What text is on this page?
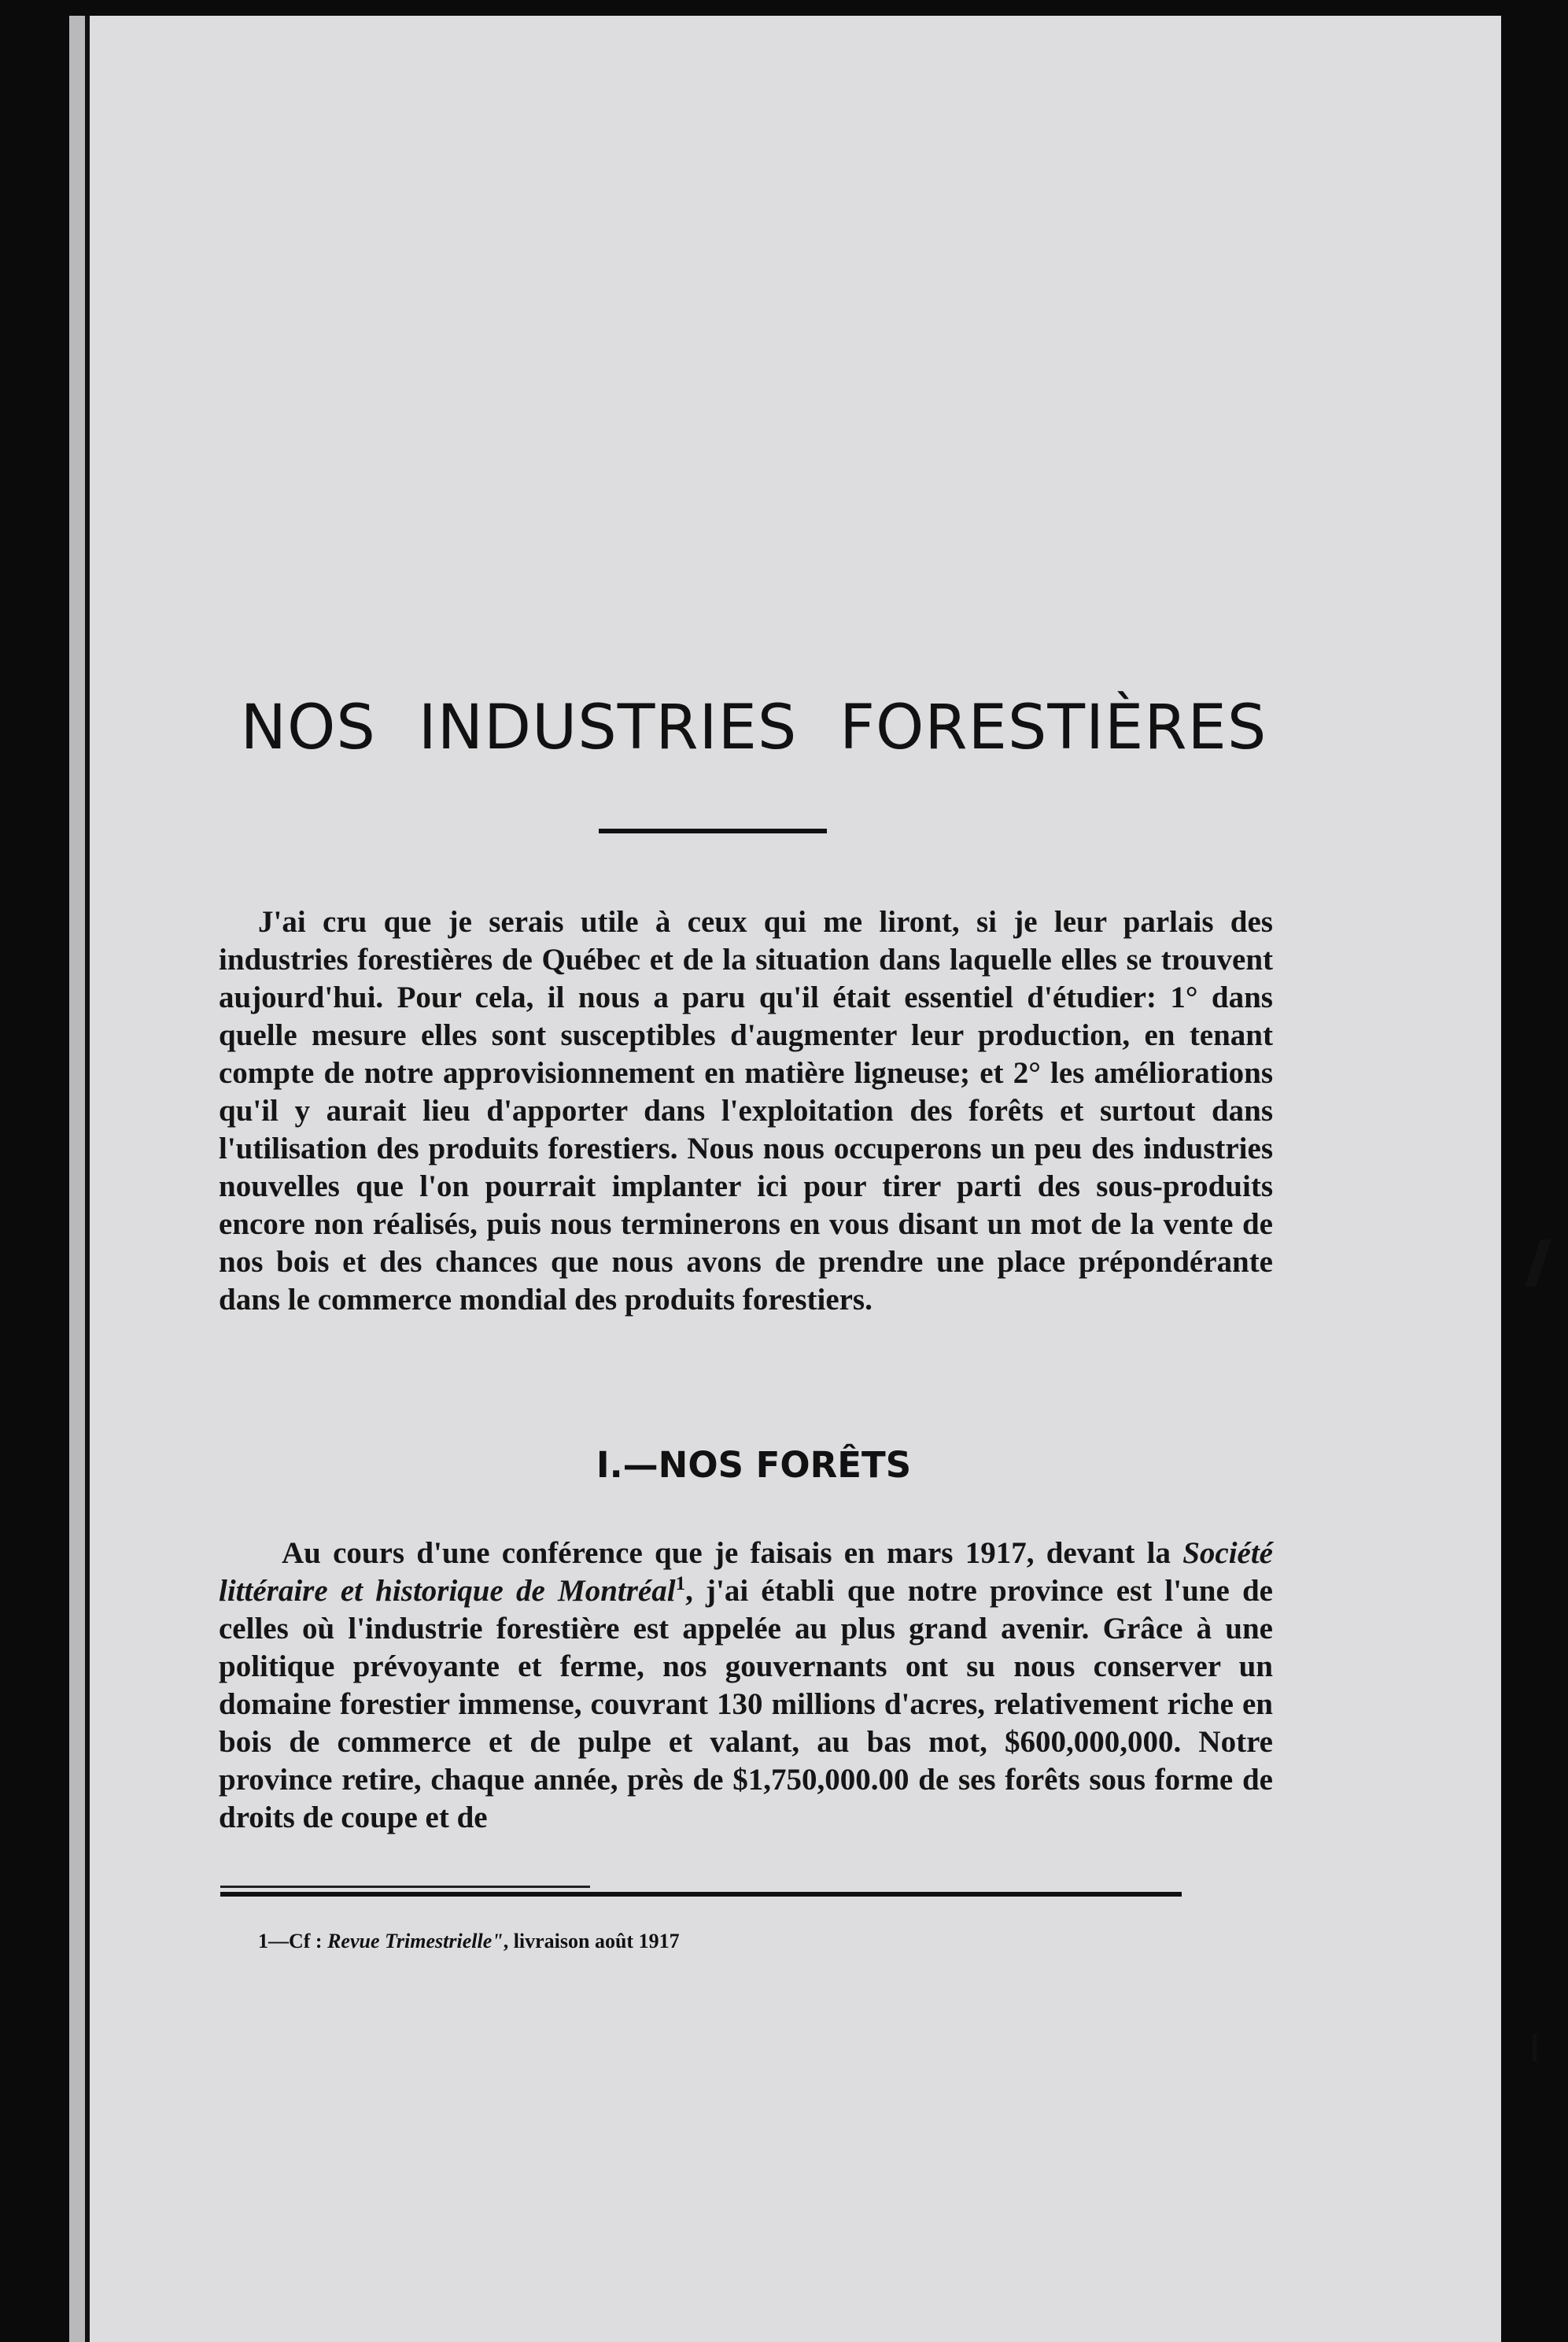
NOS INDUSTRIES FORESTIÈRES

J'ai cru que je serais utile à ceux qui me liront, si je leur parlais des industries forestières de Québec et de la situation dans laquelle elles se trouvent aujourd'hui. Pour cela, il nous a paru qu'il était essentiel d'étudier: 1° dans quelle mesure elles sont susceptibles d'augmenter leur production, en tenant compte de notre approvisionnement en matière ligneuse; et 2° les améliorations qu'il y aurait lieu d'apporter dans l'exploitation des forêts et surtout dans l'utilisation des produits forestiers. Nous nous occuperons un peu des industries nouvelles que l'on pourrait implanter ici pour tirer parti des sous-produits encore non réalisés, puis nous terminerons en vous disant un mot de la vente de nos bois et des chances que nous avons de prendre une place prépondérante dans le commerce mondial des produits forestiers.

I.—NOS FORÊTS

Au cours d'une conférence que je faisais en mars 1917, devant la Société littéraire et historique de Montréal$^1$, j'ai établi que notre province est l'une de celles où l'industrie forestière est appelée au plus grand avenir. Grâce à une politique prévoyante et ferme, nos gouvernants ont su nous conserver un domaine forestier immense, couvrant 130 millions d'acres, relativement riche en bois de commerce et de pulpe et valant, au bas mot, $600,000,000. Notre province retire, chaque année, près de $1,750,000.00 de ses forêts sous forme de droits de coupe et de

1—Cf : Revue Trimestrielle", livraison août 1917
